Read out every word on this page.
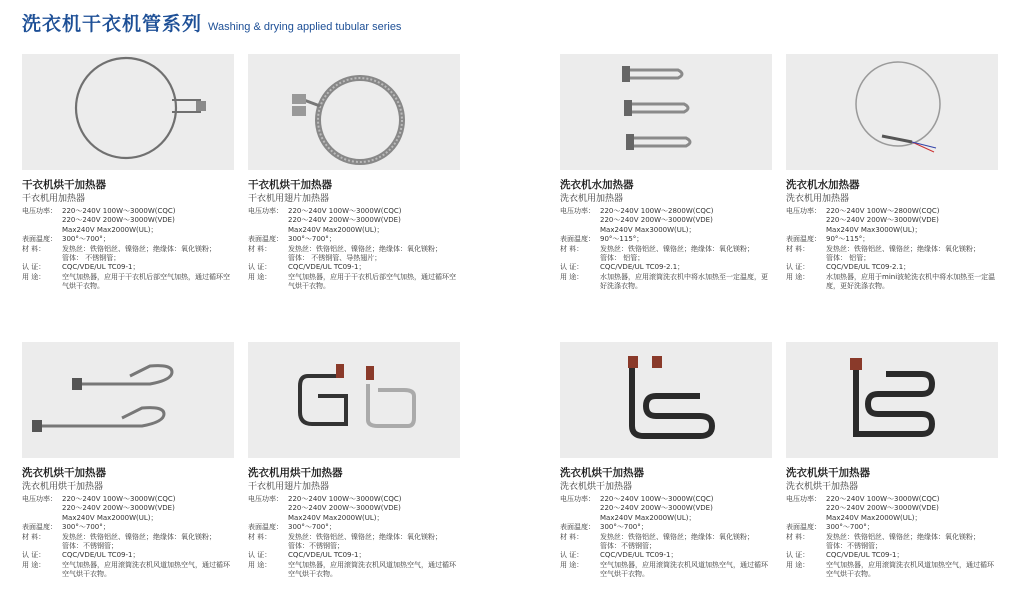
洗衣机干衣机管系列 Washing & drying applied tubular series
干衣机烘干加热器
干衣机用加热器
电压功率： 220～240V 100W～3000W(CQC)
220～240V 200W～3000W(VDE)
Max240V Max2000W(UL)；
表面温度： 300°～700°；
材 料：	发热丝：铁铬铝丝、镍铬丝；绝缘体：氧化镁粉；
管体： 不锈钢管；
认 证：	CQC/VDE/UL TC09-1；
用 途：	空气加热器，应用于干衣机后部空气加热，通过循环空气烘干衣物。
干衣机烘干加热器
干衣机用翅片加热器
电压功率： 220～240V 100W～3000W(CQC)
220～240V 200W～3000W(VDE)
Max240V Max2000W(UL)；
表面温度： 300°～700°；
材 料：	发热丝：铁铬铝丝、镍铬丝；绝缘体：氧化镁粉；
管体： 不锈钢管、导热翅片；
认 证：	CQC/VDE/UL TC09-1；
用 途：	空气加热器，应用于干衣机后部空气加热，通过循环空气烘干衣物。
洗衣机水加热器
洗衣机用加热器
电压功率： 220～240V 100W～2800W(CQC)
220～240V 200W～3000W(VDE)
Max240V Max3000W(UL)；
表面温度： 90°～115°；
材 料：	发热丝：铁铬铝丝、镍铬丝；绝缘体：氧化镁粉；
管体： 铝管；
认 证：	CQC/VDE/UL TC09-2.1；
用 途：	水加热器，应用滚筒洗衣机中将水加热至一定温度，更好洗涤衣物。
洗衣机水加热器
洗衣机用加热器
电压功率： 220～240V 100W～2800W(CQC)
220～240V 200W～3000W(VDE)
Max240V Max3000W(UL)；
表面温度： 90°～115°；
材 料：	发热丝：铁铬铝丝、镍铬丝；绝缘体：氧化镁粉；
管体： 铝管；
认 证：	CQC/VDE/UL TC09-2.1；
用 途：	水加热器，应用于mini波轮洗衣机中将水加热至一定温度，更好洗涤衣物。
洗衣机烘干加热器
洗衣机用烘干加热器
电压功率： 220～240V 100W～3000W(CQC)
220～240V 200W～3000W(VDE)
Max240V Max2000W(UL)；
表面温度： 300°～700°；
材 料：	发热丝：铁铬铝丝、镍铬丝；绝缘体：氧化镁粉；
管体：不锈钢管；
认 证：	CQC/VDE/UL TC09-1；
用 途：	空气加热器，应用滚筒洗衣机风道加热空气，通过循环空气烘干衣物。
洗衣机用烘干加热器
干衣机用翅片加热器
电压功率： 220～240V 100W～3000W(CQC)
220～240V 200W～3000W(VDE)
Max240V Max2000W(UL)；
表面温度： 300°～700°；
材 料：	发热丝：铁铬铝丝、镍铬丝；绝缘体：氧化镁粉；
管体：不锈钢管；
认 证：	CQC/VDE/UL TC09-1；
用 途：	空气加热器，应用滚筒洗衣机风道加热空气，通过循环空气烘干衣物。
洗衣机烘干加热器
洗衣机烘干加热器
电压功率： 220～240V 100W～3000W(CQC)
220～240V 200W～3000W(VDE)
Max240V Max2000W(UL)；
表面温度： 300°～700°；
材 料：	发热丝：铁铬铝丝、镍铬丝；绝缘体：氧化镁粉；
管体：不锈钢管；
认 证：	CQC/VDE/UL TC09-1；
用 途：	空气加热器，应用滚筒洗衣机风道加热空气，通过循环空气烘干衣物。
洗衣机烘干加热器
洗衣机烘干加热器
电压功率： 220～240V 100W～3000W(CQC)
220～240V 200W～3000W(VDE)
Max240V Max2000W(UL)；
表面温度： 300°～700°；
材 料：	发热丝：铁铬铝丝、镍铬丝；绝缘体：氧化镁粉；
管体：不锈钢管；
认 证：	CQC/VDE/UL TC09-1；
用 途：	空气加热器，应用滚筒洗衣机风道加热空气，通过循环空气烘干衣物。
